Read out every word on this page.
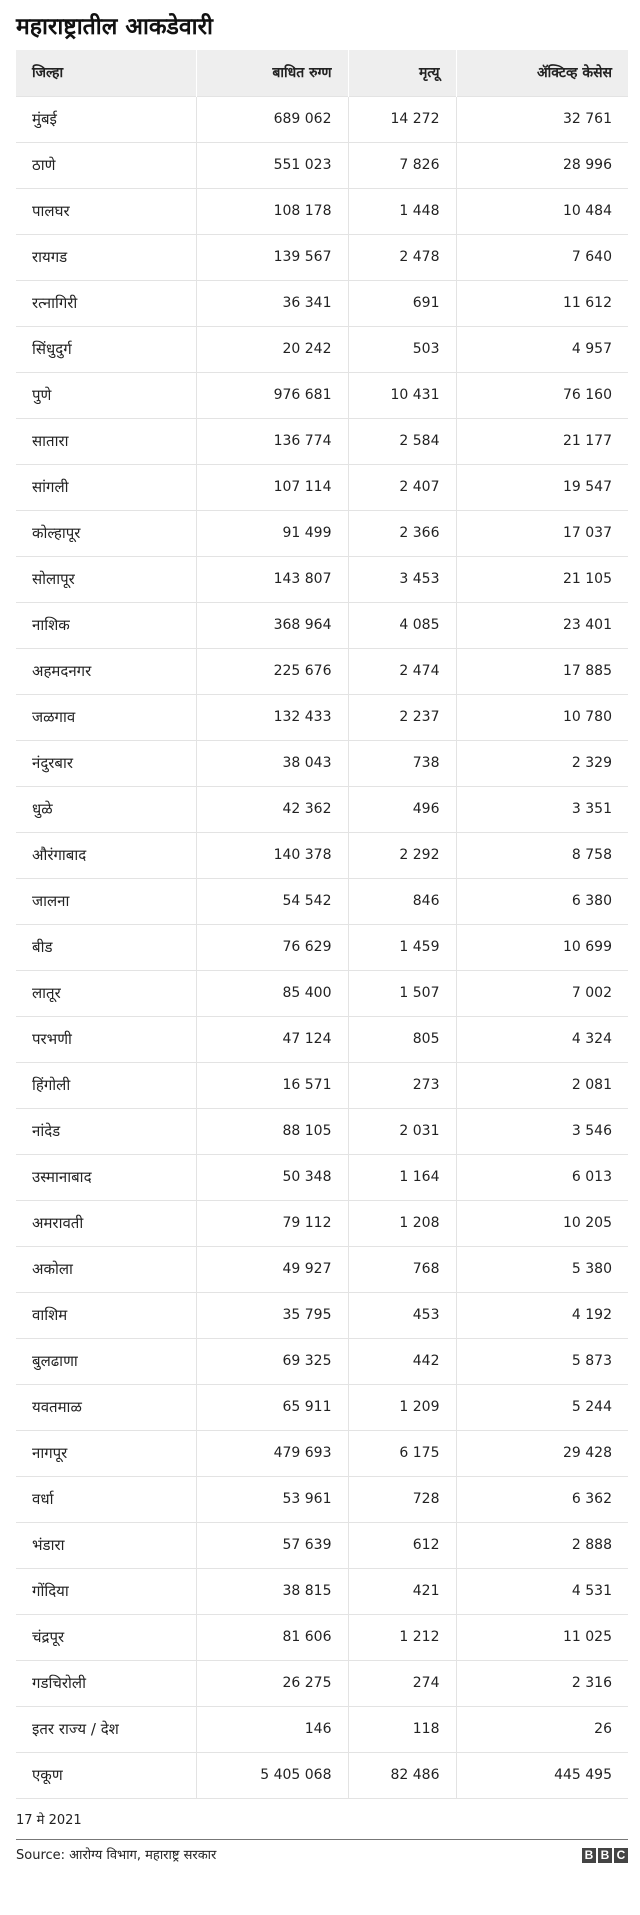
महाराष्ट्रातील आकडेवारी
जिल्हा	बाधित रुग्ण	मृत्यू	ॲक्टिव्ह केसेस
मुंबई	689 062	14 272	32 761
ठाणे	551 023	7 826	28 996
पालघर	108 178	1 448	10 484
रायगड	139 567	2 478	7 640
रत्नागिरी	36 341	691	11 612
सिंधुदुर्ग	20 242	503	4 957
पुणे	976 681	10 431	76 160
सातारा	136 774	2 584	21 177
सांगली	107 114	2 407	19 547
कोल्हापूर	91 499	2 366	17 037
सोलापूर	143 807	3 453	21 105
नाशिक	368 964	4 085	23 401
अहमदनगर	225 676	2 474	17 885
जळगाव	132 433	2 237	10 780
नंदुरबार	38 043	738	2 329
धुळे	42 362	496	3 351
औरंगाबाद	140 378	2 292	8 758
जालना	54 542	846	6 380
बीड	76 629	1 459	10 699
लातूर	85 400	1 507	7 002
परभणी	47 124	805	4 324
हिंगोली	16 571	273	2 081
नांदेड	88 105	2 031	3 546
उस्मानाबाद	50 348	1 164	6 013
अमरावती	79 112	1 208	10 205
अकोला	49 927	768	5 380
वाशिम	35 795	453	4 192
बुलढाणा	69 325	442	5 873
यवतमाळ	65 911	1 209	5 244
नागपूर	479 693	6 175	29 428
वर्धा	53 961	728	6 362
भंडारा	57 639	612	2 888
गोंदिया	38 815	421	4 531
चंद्रपूर	81 606	1 212	11 025
गडचिरोली	26 275	274	2 316
इतर राज्य / देश	146	118	26
एकूण	5 405 068	82 486	445 495
17 मे 2021
Source: आरोग्य विभाग, महाराष्ट्र सरकार	B B C
